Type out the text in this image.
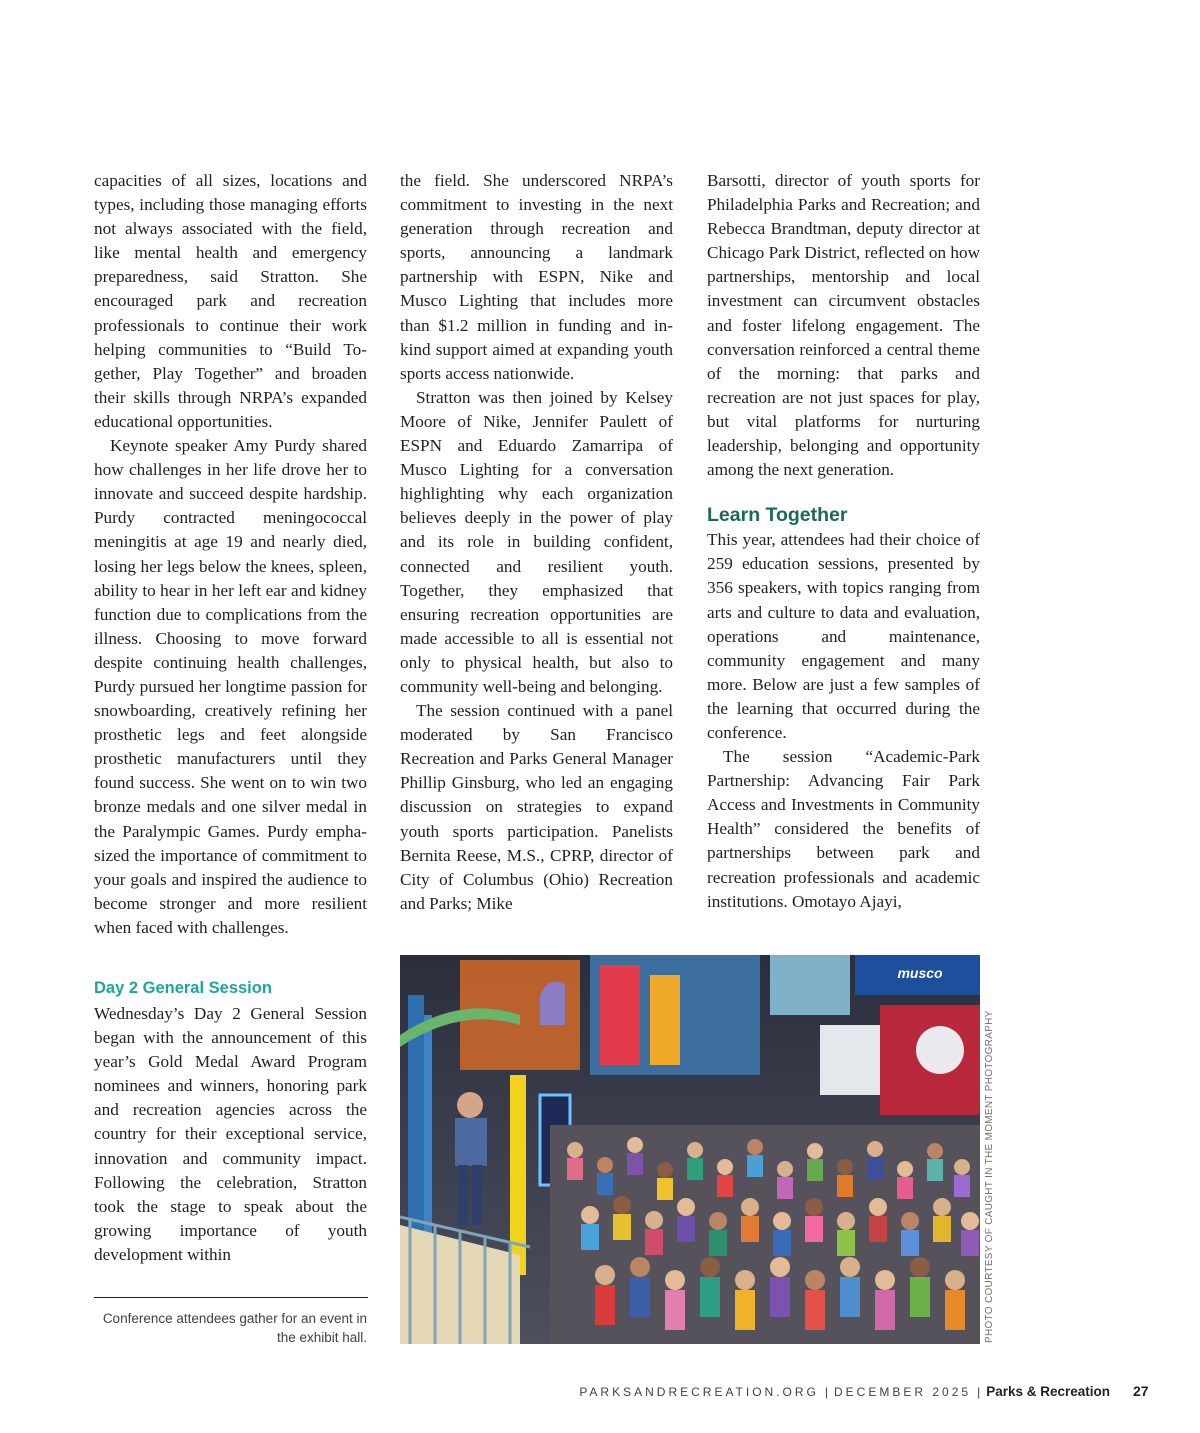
capacities of all sizes, locations and types, including those managing efforts not always associated with the field, like mental health and emergency preparedness, said Stratton. She encouraged park and recreation professionals to continue their work helping communities to “Build Together, Play Together” and broaden their skills through NRPA’s expanded educational opportunities.

Keynote speaker Amy Purdy shared how challenges in her life drove her to innovate and succeed despite hardship. Purdy contracted meningococcal meningitis at age 19 and nearly died, losing her legs below the knees, spleen, ability to hear in her left ear and kidney function due to complications from the illness. Choosing to move forward despite continuing health challenges, Purdy pursued her longtime passion for snowboarding, creatively refining her prosthetic legs and feet alongside prosthetic manufacturers until they found success. She went on to win two bronze medals and one silver medal in the Paralympic Games. Purdy emphasized the importance of commitment to your goals and inspired the audience to become stronger and more resilient when faced with challenges.

Day 2 General Session

Wednesday’s Day 2 General Session began with the announcement of this year’s Gold Medal Award Program nominees and winners, honoring park and recreation agencies across the country for their exceptional service, innovation and community impact. Following the celebration, Stratton took the stage to speak about the growing importance of youth development within

the field. She underscored NRPA’s commitment to investing in the next generation through recreation and sports, announcing a landmark partnership with ESPN, Nike and Musco Lighting that includes more than $1.2 million in funding and in-kind support aimed at expanding youth sports access nationwide.

Stratton was then joined by Kelsey Moore of Nike, Jennifer Paulett of ESPN and Eduardo Zamarripa of Musco Lighting for a conversation highlighting why each organization believes deeply in the power of play and its role in building confident, connected and resilient youth. Together, they emphasized that ensuring recreation opportunities are made accessible to all is essential not only to physical health, but also to community well-being and belonging.

The session continued with a panel moderated by San Francisco Recreation and Parks General Manager Phillip Ginsburg, who led an engaging discussion on strategies to expand youth sports participation. Panelists Bernita Reese, M.S., CPRP, director of City of Columbus (Ohio) Recreation and Parks; Mike

Barsotti, director of youth sports for Philadelphia Parks and Recreation; and Rebecca Brandtman, deputy director at Chicago Park District, reflected on how partnerships, mentorship and local investment can circumvent obstacles and foster lifelong engagement. The conversation reinforced a central theme of the morning: that parks and recreation are not just spaces for play, but vital platforms for nurturing leadership, belonging and opportunity among the next generation.

Learn Together

This year, attendees had their choice of 259 education sessions, presented by 356 speakers, with topics ranging from arts and culture to data and evaluation, operations and maintenance, community engagement and many more. Below are just a few samples of the learning that occurred during the conference.

The session “Academic-Park Partnership: Advancing Fair Park Access and Investments in Community Health” considered the benefits of partnerships between park and recreation professionals and academic institutions. Omotayo Ajayi,

Conference attendees gather for an event in the exhibit hall.
musco
PHOTO COURTESY OF CAUGHT IN THE MOMENT PHOTOGRAPHY
PARKSANDRECREATION.ORG | DECEMBER 2025 | Parks & Recreation 27
